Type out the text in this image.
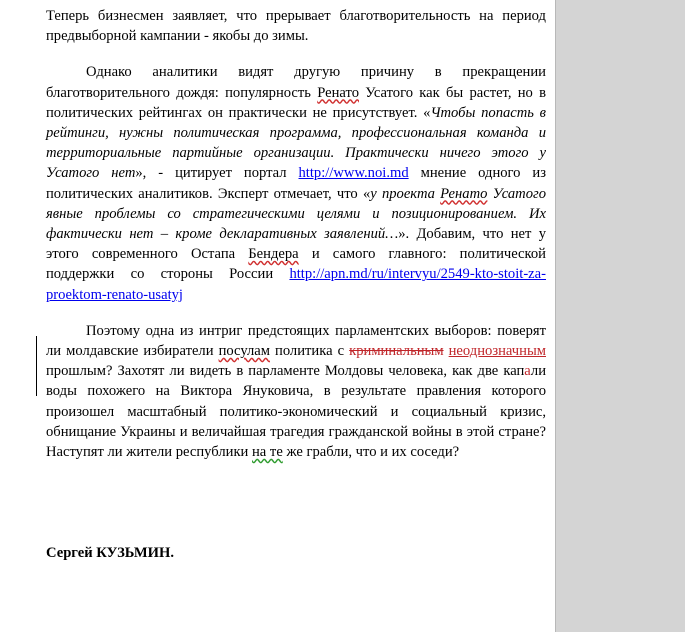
Теперь бизнесмен заявляет, что прерывает благотворительность на период предвыборной кампании - якобы до зимы.

Однако аналитики видят другую причину в прекращении благотворительного дождя: популярность Ренато Усатого как бы растет, но в политических рейтингах он практически не присутствует. «Чтобы попасть в рейтинги, нужны политическая программа, профессиональная команда и территориальные партийные организации. Практически ничего этого у Усатого нет», - цитирует портал http://www.noi.md мнение одного из политических аналитиков. Эксперт отмечает, что «у проекта Ренато Усатого явные проблемы со стратегическими целями и позиционированием. Их фактически нет – кроме декларативных заявлений…». Добавим, что нет у этого современного Остапа Бендера и самого главного: политической поддержки со стороны России http://apn.md/ru/intervyu/2549-kto-stoit-za-proektom-renato-usatyj

Поэтому одна из интриг предстоящих парламентских выборов: поверят ли молдавские избиратели посулам политика с криминальным неоднозначным прошлым? Захотят ли видеть в парламенте Молдовы человека, как две капали воды похожего на Виктора Януковича, в результате правления которого произошел масштабный политико-экономический и социальный кризис, обнищание Украины и величайшая трагедия гражданской войны в этой стране? Наступят ли жители республики на те же грабли, что и их соседи?

Сергей КУЗЬМИН.
